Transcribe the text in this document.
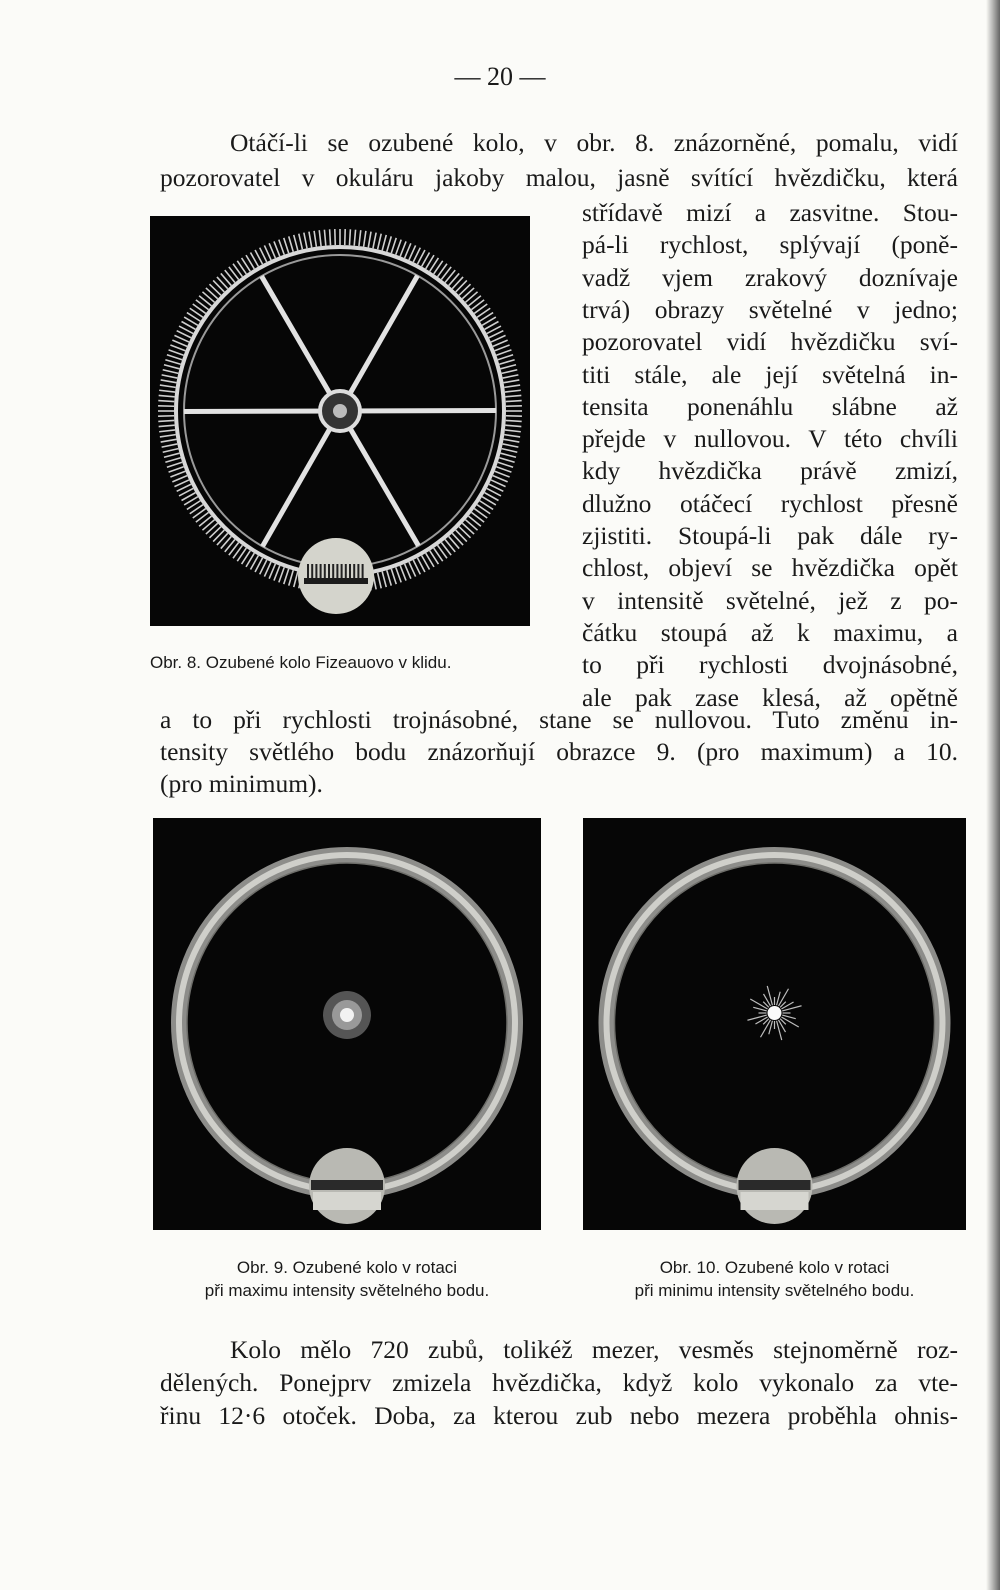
— 20 —
Otáčí-li se ozubené kolo, v obr. 8. znázorněné, pomalu, vidí
pozorovatel v okuláru jakoby malou, jasně svítící hvězdičku, která
Obr. 8. Ozubené kolo Fizeauovo v klidu.
střídavě mizí a zasvitne. Stou-
pá-li rychlost, splývají (poně-
vadž vjem zrakový doznívaje
trvá) obrazy světelné v jedno;
pozorovatel vidí hvězdičku sví-
titi stále, ale její světelná in-
tensita ponenáhlu slábne až
přejde v nullovou. V této chvíli
kdy hvězdička právě zmizí,
dlužno otáčecí rychlost přesně
zjistiti. Stoupá-li pak dále ry-
chlost, objeví se hvězdička opět
v intensitě světelné, jež z po-
čátku stoupá až k maximu, a
to při rychlosti dvojnásobné,
ale pak zase klesá, až opětně
a to při rychlosti trojnásobné, stane se nullovou. Tuto změnu in-
tensity světlého bodu znázorňují obrazce 9. (pro maximum) a 10.
(pro minimum).
Obr. 9. Ozubené kolo v rotaci
při maximu intensity světelného bodu.
Obr. 10. Ozubené kolo v rotaci
při minimu intensity světelného bodu.
Kolo mělo 720 zubů, tolikéž mezer, vesměs stejnoměrně roz-
dělených. Ponejprv zmizela hvězdička, když kolo vykonalo za vte-
řinu 12·6 otoček. Doba, za kterou zub nebo mezera proběhla ohnis-
